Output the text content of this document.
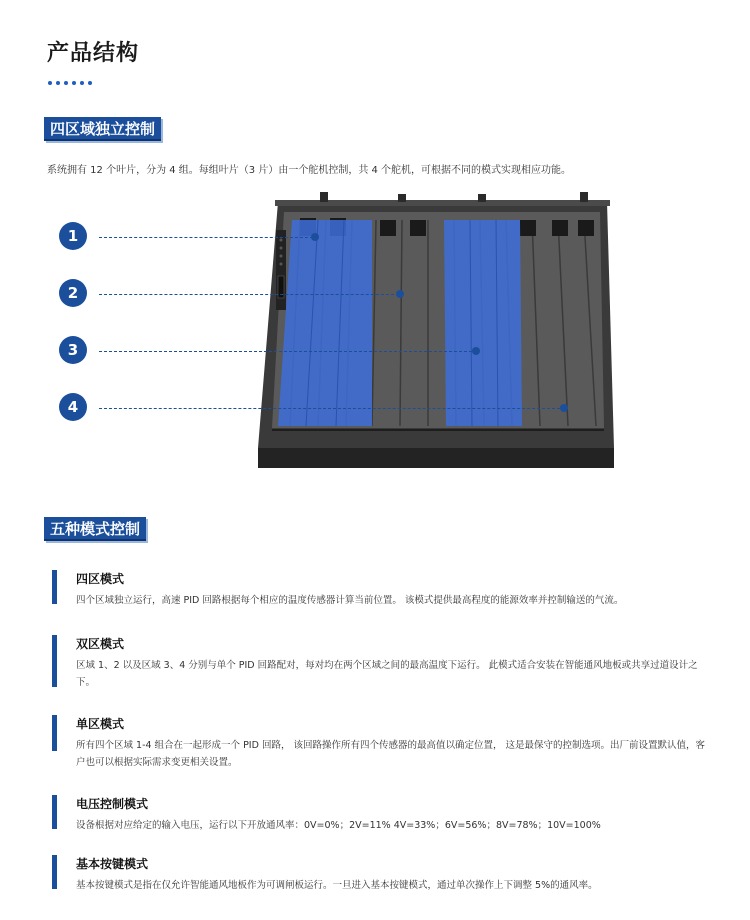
产品结构
四区域独立控制
系统拥有 12 个叶片，分为 4 组。每组叶片（3 片）由一个舵机控制，共 4 个舵机，可根据不同的模式实现相应功能。
1
2
3
4
五种模式控制
四区模式
四个区域独立运行，高速 PID 回路根据每个相应的温度传感器计算当前位置。 该模式提供最高程度的能源效率并控制输送的气流。
双区模式
区域 1、2 以及区域 3、4 分别与单个 PID 回路配对，每对均在两个区域之间的最高温度下运行。 此模式适合安装在智能通风地板或共享过道设计之下。
单区模式
所有四个区域 1-4 组合在一起形成一个 PID 回路， 该回路操作所有四个传感器的最高值以确定位置， 这是最保守的控制选项。出厂前设置默认值，客户也可以根据实际需求变更相关设置。
电压控制模式
设备根据对应给定的输入电压，运行以下开放通风率：0V=0%；2V=11% 4V=33%；6V=56%；8V=78%；10V=100%
基本按键模式
基本按键模式是指在仅允许智能通风地板作为可调闸板运行。一旦进入基本按键模式，通过单次操作上下调整 5%的通风率。
